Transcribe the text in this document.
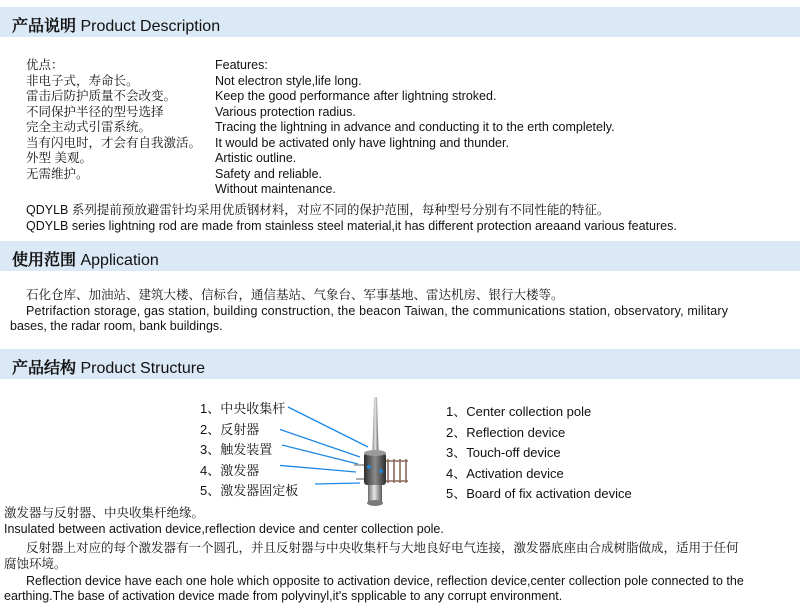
产品说明 Product Description
优点：
非电子式，寿命长。
雷击后防护质量不会改变。
不同保护半径的型号选择
完全主动式引雷系统。
当有闪电时，才会有自我激活。
外型 美观。
无需维护。
Features:
Not electron style,life long.
Keep the good performance after lightning stroked.
Various protection radius.
Tracing the lightning in advance and conducting it to the erth completely.
It would be activated only have lightning and thunder.
Artistic outline.
Safety and reliable.
Without maintenance.
QDYLB 系列提前预放避雷针均采用优质钢材料，对应不同的保护范围，每种型号分别有不同性能的特征。
QDYLB series lightning rod are made from stainless steel material,it has different protection areaand various features.
使用范围 Application
石化仓库、加油站、建筑大楼、信标台，通信基站、气象台、军事基地、雷达机房、银行大楼等。
Petrifaction storage, gas station, building construction, the beacon Taiwan, the communications station, observatory, military
bases, the radar room, bank buildings.
产品结构 Product Structure
1、中央收集杆
2、反射器
3、触发装置
4、激发器
5、激发器固定板
1、Center collection pole
2、Reflection device
3、Touch-off device
4、Activation device
5、Board of fix activation device
激发器与反射器、中央收集杆绝缘。
Insulated between activation device,reflection device and center collection pole.
反射器上对应的每个激发器有一个圆孔，并且反射器与中央收集杆与大地良好电气连接，激发器底座由合成树脂做成，适用于任何
腐蚀环境。
Reflection device have each one hole which opposite to activation device, reflection device,center collection pole connected to the
earthing.The base of activation device made from polyvinyl,it's spplicable to any corrupt environment.
